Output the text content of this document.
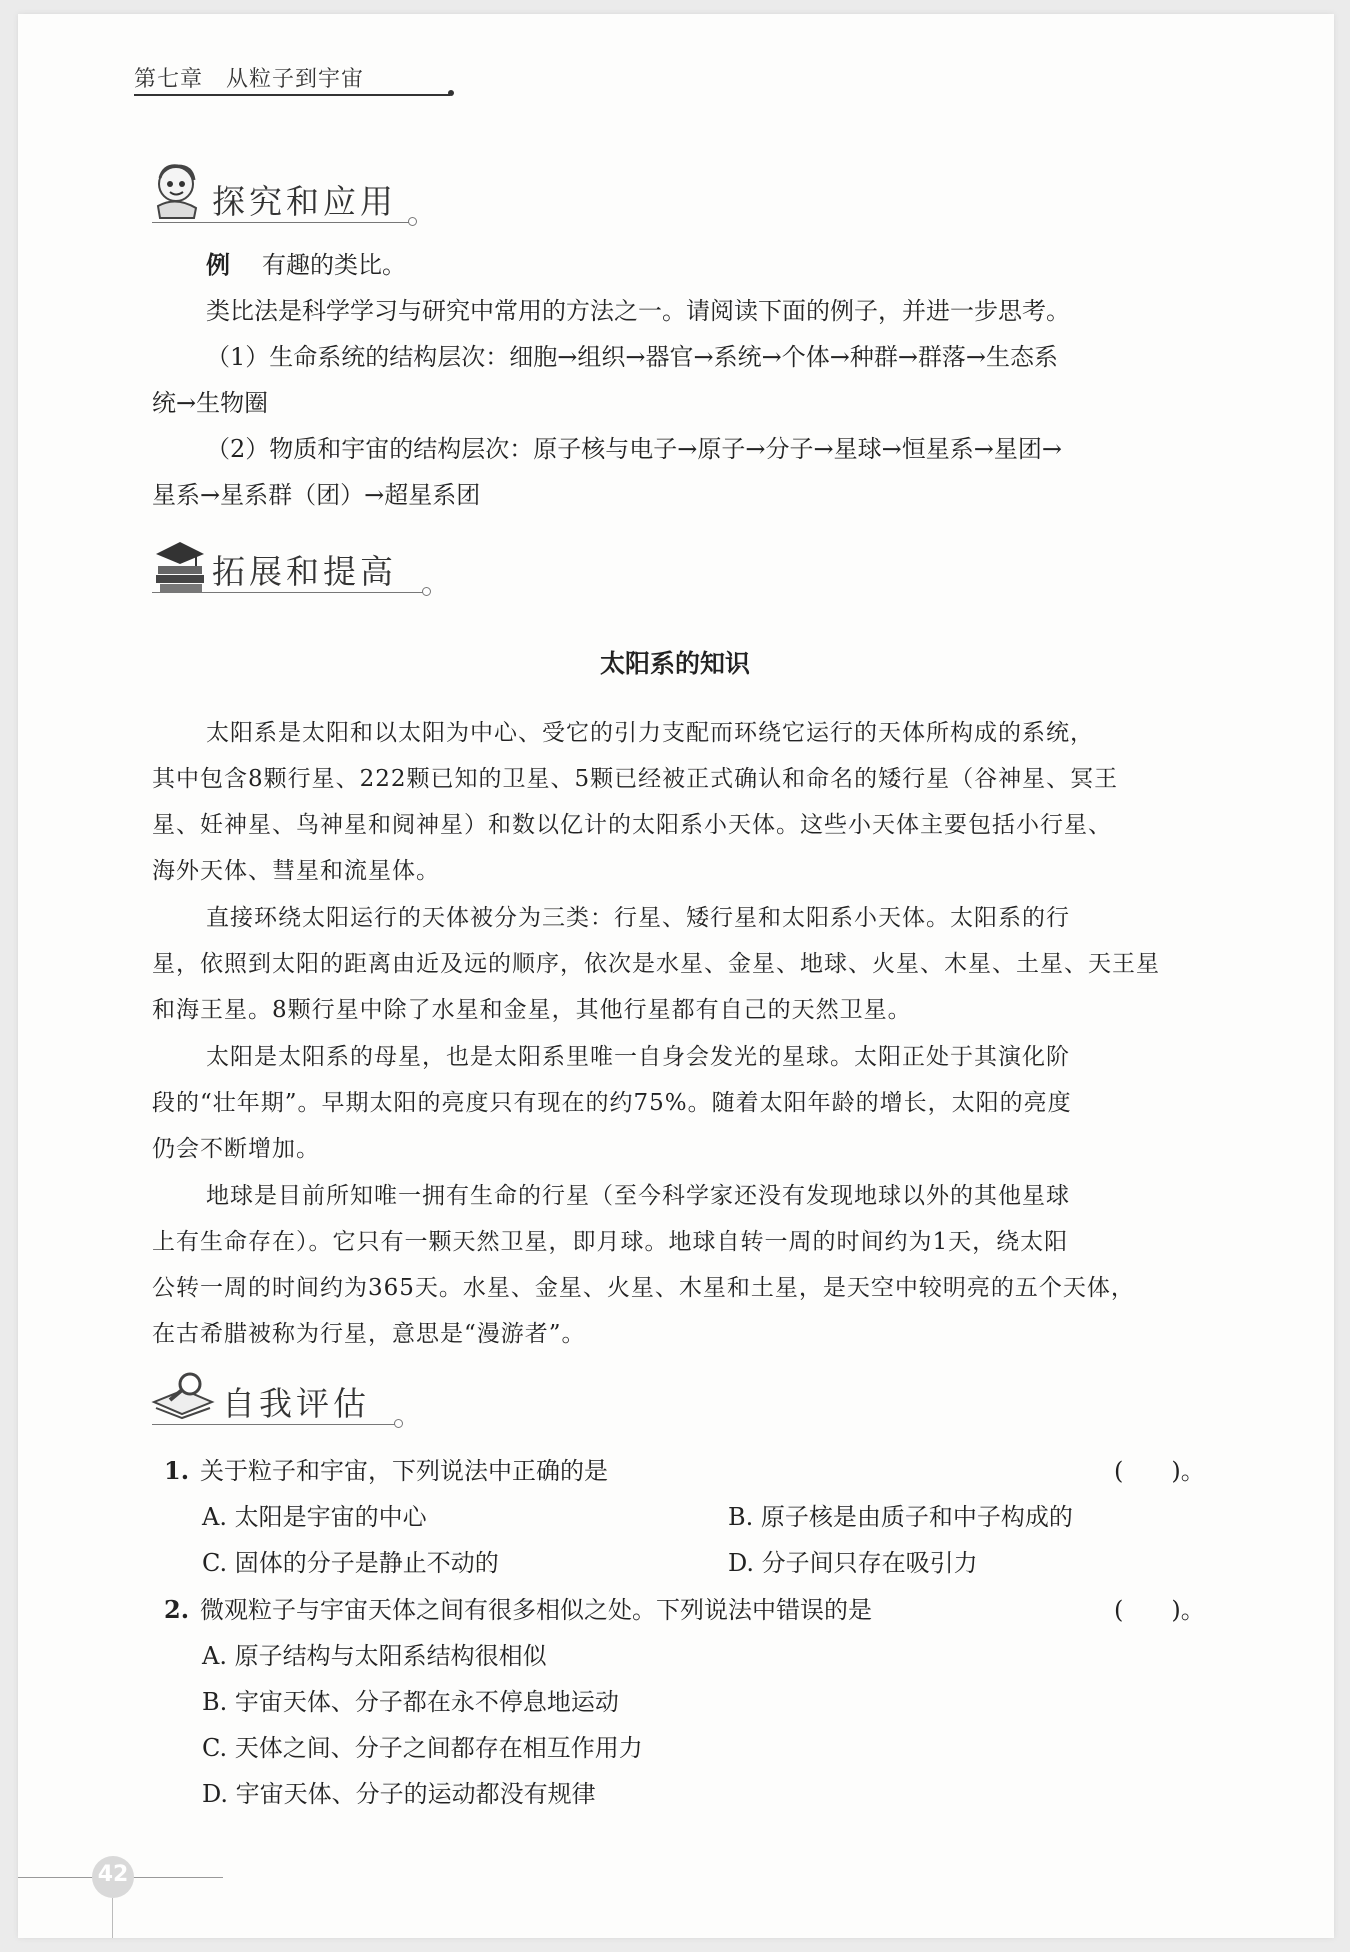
第七章　从粒子到宇宙
探究和应用
例 有趣的类比。
类比法是科学学习与研究中常用的方法之一。请阅读下面的例子，并进一步思考。
（1）生命系统的结构层次：细胞→组织→器官→系统→个体→种群→群落→生态系
统→生物圈
（2）物质和宇宙的结构层次：原子核与电子→原子→分子→星球→恒星系→星团→
星系→星系群（团）→超星系团
拓展和提高
太阳系的知识
太阳系是太阳和以太阳为中心、受它的引力支配而环绕它运行的天体所构成的系统，
其中包含8颗行星、222颗已知的卫星、5颗已经被正式确认和命名的矮行星（谷神星、冥王
星、妊神星、鸟神星和阋神星）和数以亿计的太阳系小天体。这些小天体主要包括小行星、
海外天体、彗星和流星体。
直接环绕太阳运行的天体被分为三类：行星、矮行星和太阳系小天体。太阳系的行
星，依照到太阳的距离由近及远的顺序，依次是水星、金星、地球、火星、木星、土星、天王星
和海王星。8颗行星中除了水星和金星，其他行星都有自己的天然卫星。
太阳是太阳系的母星，也是太阳系里唯一自身会发光的星球。太阳正处于其演化阶
段的“壮年期”。早期太阳的亮度只有现在的约75%。随着太阳年龄的增长，太阳的亮度
仍会不断增加。
地球是目前所知唯一拥有生命的行星（至今科学家还没有发现地球以外的其他星球
上有生命存在）。它只有一颗天然卫星，即月球。地球自转一周的时间约为1天，绕太阳
公转一周的时间约为365天。水星、金星、火星、木星和土星，是天空中较明亮的五个天体，
在古希腊被称为行星，意思是“漫游者”。
自我评估
1. 关于粒子和宇宙，下列说法中正确的是	(　　)。
A. 太阳是宇宙的中心	B. 原子核是由质子和中子构成的
C. 固体的分子是静止不动的	D. 分子间只存在吸引力
2. 微观粒子与宇宙天体之间有很多相似之处。下列说法中错误的是	(　　)。
A. 原子结构与太阳系结构很相似
B. 宇宙天体、分子都在永不停息地运动
C. 天体之间、分子之间都存在相互作用力
D. 宇宙天体、分子的运动都没有规律
42
